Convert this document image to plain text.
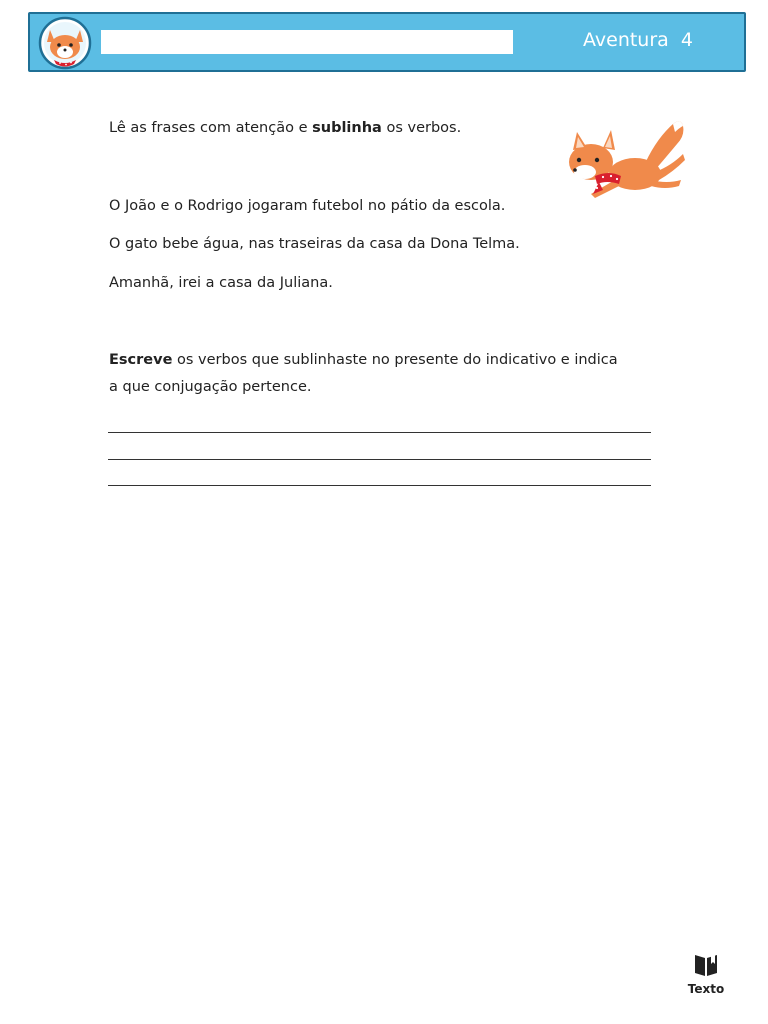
Aventura 4
Lê as frases com atenção e sublinha os verbos.
O João e o Rodrigo jogaram futebol no pátio da escola.
O gato bebe água, nas traseiras da casa da Dona Telma.
Amanhã, irei a casa da Juliana.
Escreve os verbos que sublinhaste no presente do indicativo e indica
a que conjugação pertence.
Texto
